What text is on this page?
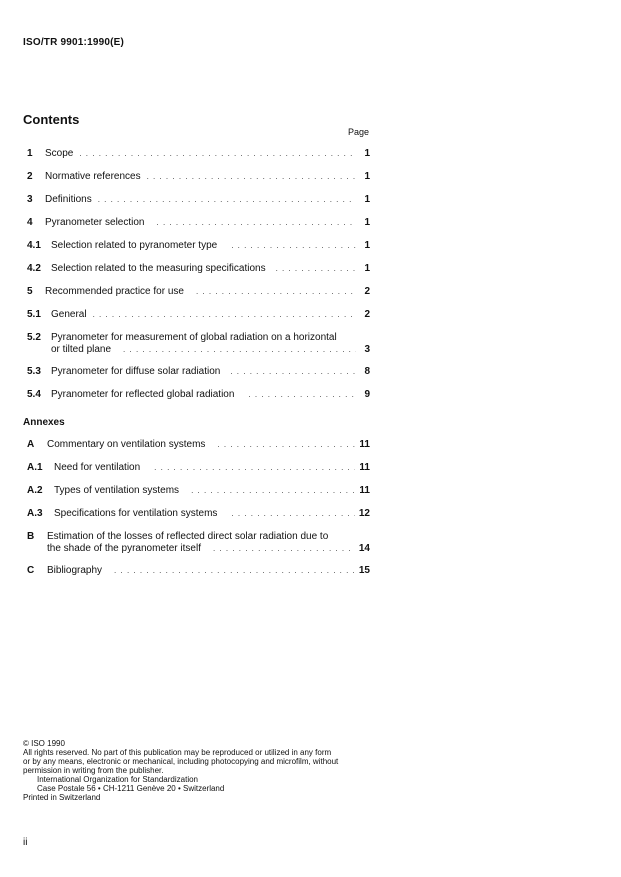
ISO/TR 9901:1990(E)
Contents
Page
1	Scope . . .	1
2	Normative references . . .	1
3	Definitions . . .	1
4	Pyranometer selection . . .	1
4.1	Selection related to pyranometer type . . .	1
4.2	Selection related to the measuring specifications . . .	1
5	Recommended practice for use . . .	2
5.1	General . . .	2
5.2	Pyranometer for measurement of global radiation on a horizontal
or tilted plane . . .	3
5.3	Pyranometer for diffuse solar radiation . . .	8
5.4	Pyranometer for reflected global radiation . . .	9
Annexes
A	Commentary on ventilation systems . . .	11
A.1	Need for ventilation . . .	11
A.2	Types of ventilation systems . . .	11
A.3	Specifications for ventilation systems . . .	12
B	Estimation of the losses of reflected direct solar radiation due to
the shade of the pyranometer itself . . .	14
C	Bibliography . . .	15
© ISO 1990
All rights reserved. No part of this publication may be reproduced or utilized in any form
or by any means, electronic or mechanical, including photocopying and microfilm, without
permission in writing from the publisher.
International Organization for Standardization
Case Postale 56 • CH-1211 Genève 20 • Switzerland
Printed in Switzerland
ii
